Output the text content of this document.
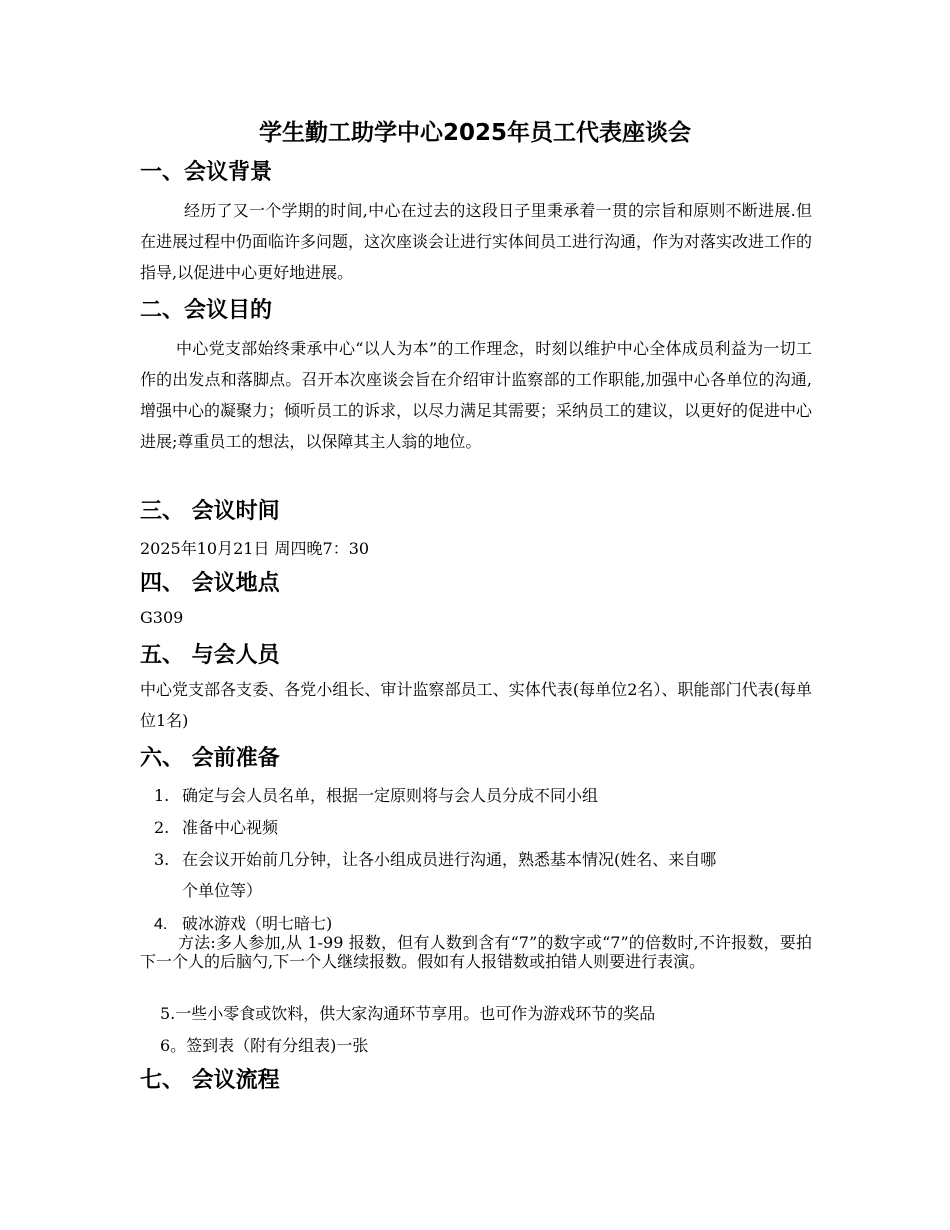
学生勤工助学中心2025年员工代表座谈会
一、会议背景
经历了又一个学期的时间,中心在过去的这段日子里秉承着一贯的宗旨和原则不断进展.但在进展过程中仍面临许多问题，这次座谈会让进行实体间员工进行沟通，作为对落实改进工作的指导,以促进中心更好地进展。
二、会议目的
中心党支部始终秉承中心“以人为本”的工作理念，时刻以维护中心全体成员利益为一切工作的出发点和落脚点。召开本次座谈会旨在介绍审计监察部的工作职能,加强中心各单位的沟通,增强中心的凝聚力；倾听员工的诉求，以尽力满足其需要；采纳员工的建议，以更好的促进中心进展;尊重员工的想法，以保障其主人翁的地位。
三、 会议时间
2025年10月21日 周四晚7：30
四、 会议地点
G309
五、 与会人员
中心党支部各支委、各党小组长、审计监察部员工、实体代表(每单位2名）、职能部门代表(每单位1名)
六、 会前准备
1. 确定与会人员名单，根据一定原则将与会人员分成不同小组
2. 准备中心视频
3. 在会议开始前几分钟，让各小组成员进行沟通，熟悉基本情况(姓名、来自哪
个单位等）
4. 破冰游戏（明七暗七)
方法:多人参加,从 1-99 报数，但有人数到含有“7”的数字或“7”的倍数时,不许报数，要拍下一个人的后脑勺,下一个人继续报数。假如有人报错数或拍错人则要进行表演。
5.一些小零食或饮料，供大家沟通环节享用。也可作为游戏环节的奖品
6。签到表（附有分组表)一张
七、 会议流程
